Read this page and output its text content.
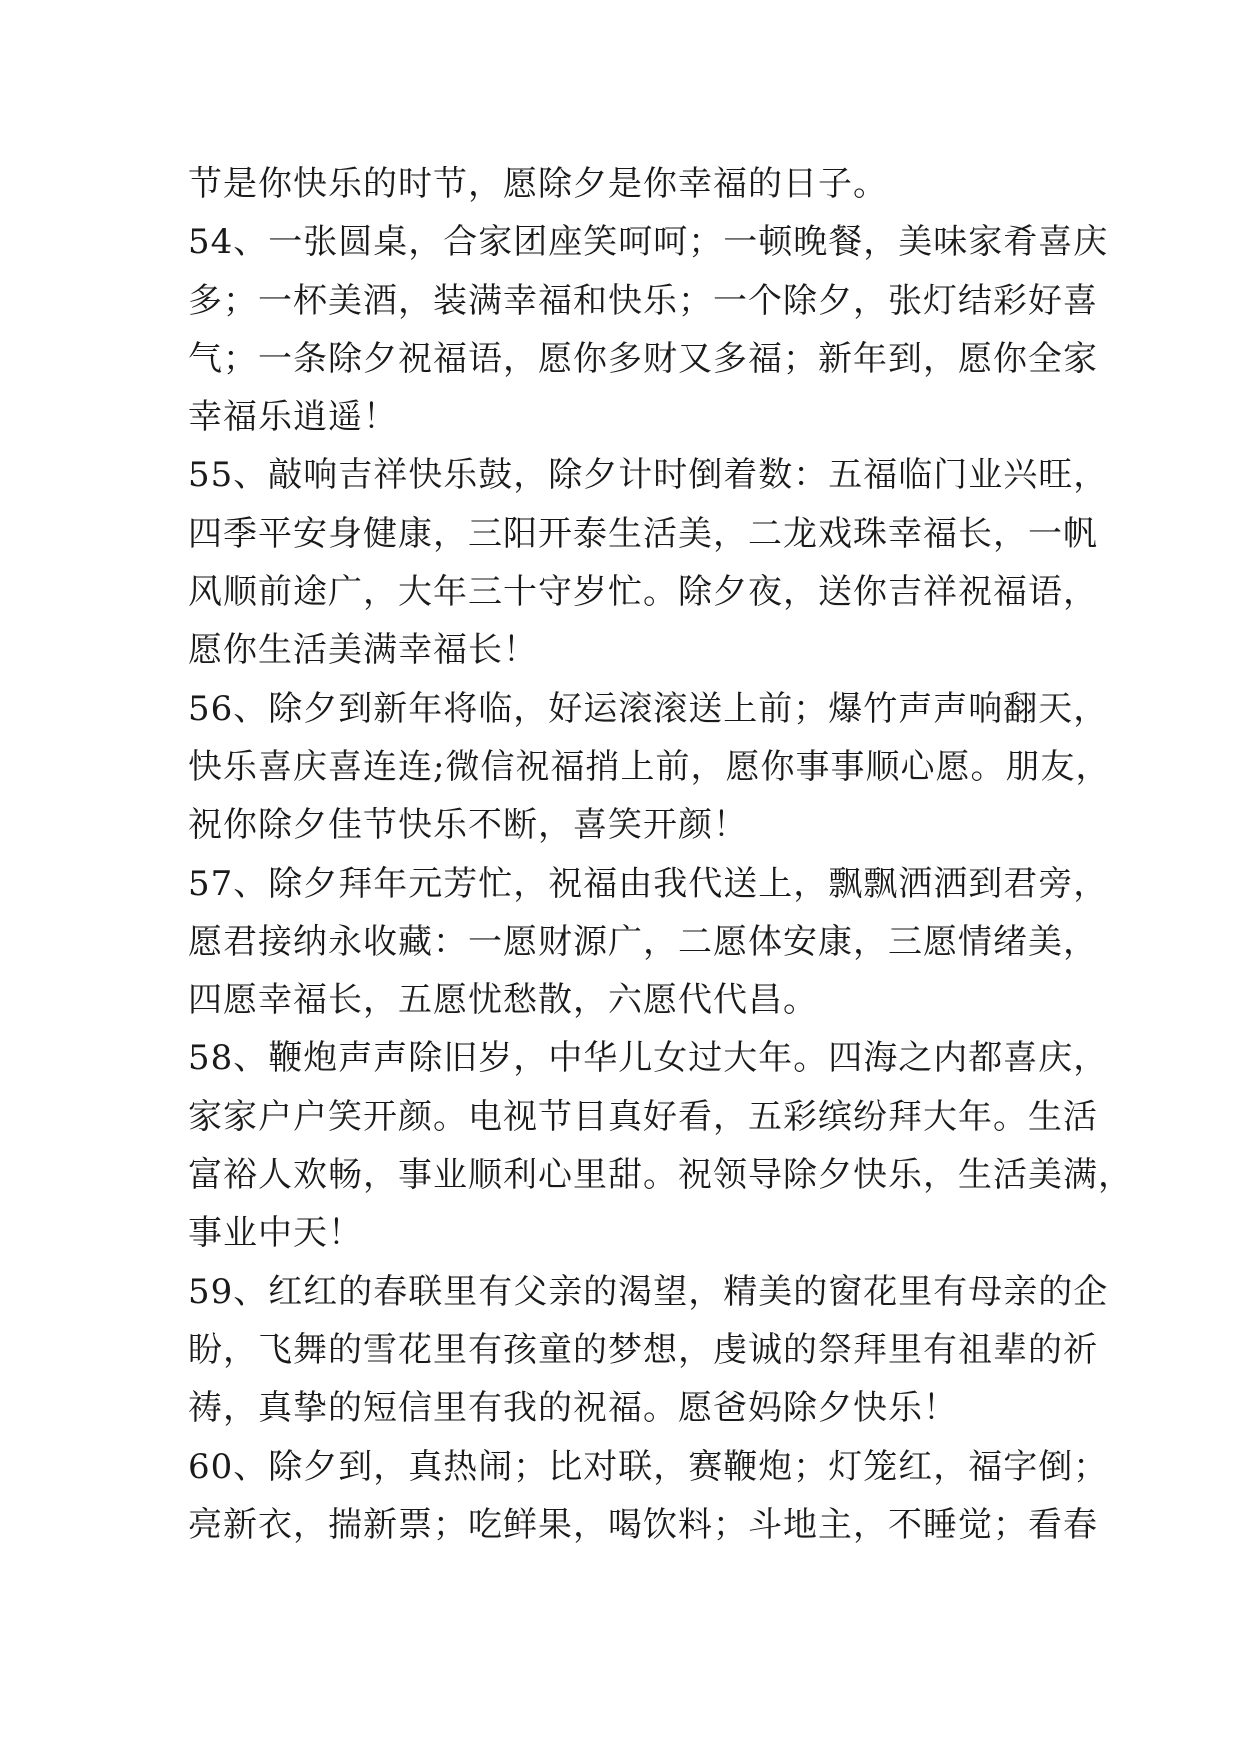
节是你快乐的时节，愿除夕是你幸福的日子。
54、一张圆桌，合家团座笑呵呵；一顿晚餐，美味家肴喜庆
多；一杯美酒，装满幸福和快乐；一个除夕，张灯结彩好喜
气；一条除夕祝福语，愿你多财又多福；新年到，愿你全家
幸福乐逍遥！
55、敲响吉祥快乐鼓，除夕计时倒着数：五福临门业兴旺，
四季平安身健康，三阳开泰生活美，二龙戏珠幸福长，一帆
风顺前途广，大年三十守岁忙。除夕夜，送你吉祥祝福语，
愿你生活美满幸福长！
56、除夕到新年将临，好运滚滚送上前；爆竹声声响翻天，
快乐喜庆喜连连;微信祝福捎上前，愿你事事顺心愿。朋友，
祝你除夕佳节快乐不断，喜笑开颜！
57、除夕拜年元芳忙，祝福由我代送上，飘飘洒洒到君旁，
愿君接纳永收藏：一愿财源广，二愿体安康，三愿情绪美，
四愿幸福长，五愿忧愁散，六愿代代昌。
58、鞭炮声声除旧岁，中华儿女过大年。四海之内都喜庆，
家家户户笑开颜。电视节目真好看，五彩缤纷拜大年。生活
富裕人欢畅，事业顺利心里甜。祝领导除夕快乐，生活美满，
事业中天！
59、红红的春联里有父亲的渴望，精美的窗花里有母亲的企
盼，飞舞的雪花里有孩童的梦想，虔诚的祭拜里有祖辈的祈
祷，真挚的短信里有我的祝福。愿爸妈除夕快乐！
60、除夕到，真热闹；比对联，赛鞭炮；灯笼红，福字倒；
亮新衣，揣新票；吃鲜果，喝饮料；斗地主，不睡觉；看春
